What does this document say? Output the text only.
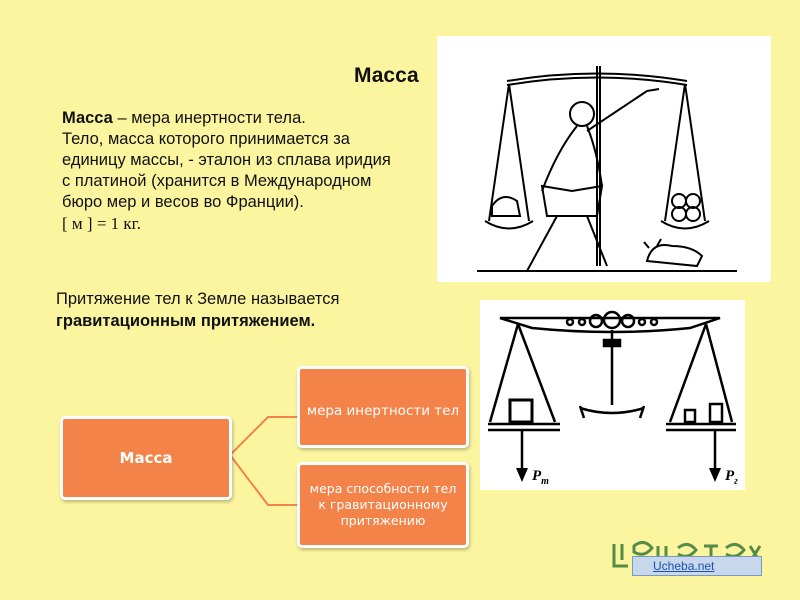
Масса
Масса – мера инертности тела.
Тело, масса которого принимается за
единицу массы, - эталон из сплава иридия
с платиной (хранится в Международном
бюро мер и весов во Франции).
[ м ] = 1 кг.
Притяжение тел к Земле называется
гравитационным притяжением.
$P_т$	$P_г$
Масса
мера инертности тел
мера способности тел к гравитационному притяжению
Ucheba.net
